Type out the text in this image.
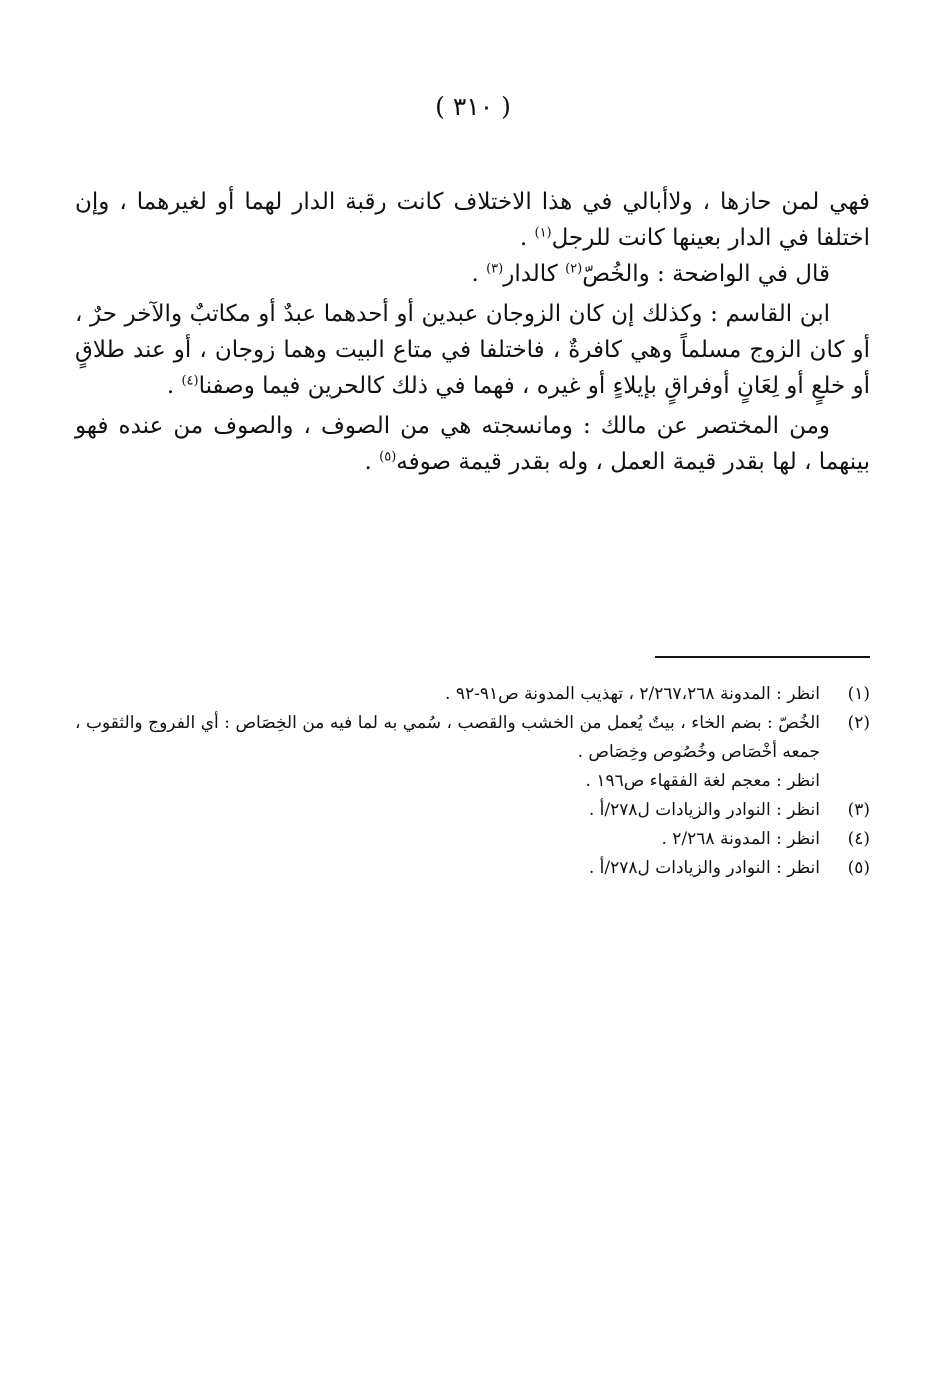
( ٣١٠ )

فهي لمن حازها ، ولاأبالي في هذا الاختلاف كانت رقبة الدار لهما أو لغيرهما ، وإن اختلفا في الدار بعينها كانت للرجل$^{(١)}$ .

قال في الواضحة : والخُصّ$^{(٢)}$ كالدار$^{(٣)}$ .

ابن القاسم : وكذلك إن كان الزوجان عبدين أو أحدهما عبدٌ أو مكاتبٌ والآخر حرٌ ، أو كان الزوج مسلماً وهي كافرةٌ ، فاختلفا في متاع البيت وهما زوجان ، أو عند طلاقٍ أو خلعٍ أو لِعَانٍ أوفراقٍ بإيلاءٍ أو غيره ، فهما في ذلك كالحرين فيما وصفنا$^{(٤)}$ .

ومن المختصر عن مالك : ومانسجته هي من الصوف ، والصوف من عنده فهو بينهما ، لها بقدر قيمة العمل ، وله بقدر قيمة صوفه$^{(٥)}$ .

(١)
انظر : المدونة ٢/٢٦٧،٢٦٨ ، تهذيب المدونة ص٩١-٩٢ .
(٢)
الخُصّ : بضم الخاء ، بيتٌ يُعمل من الخشب والقصب ، سُمي به لما فيه من الخِصَاص : أي الفروج والثقوب ، جمعه أخْصَاص وخُصُوص وخِصَاص .
انظر : معجم لغة الفقهاء ص١٩٦ .
(٣)
انظر : النوادر والزيادات ل٢٧٨/أ .
(٤)
انظر : المدونة ٢/٢٦٨ .
(٥)
انظر : النوادر والزيادات ل٢٧٨/أ .
